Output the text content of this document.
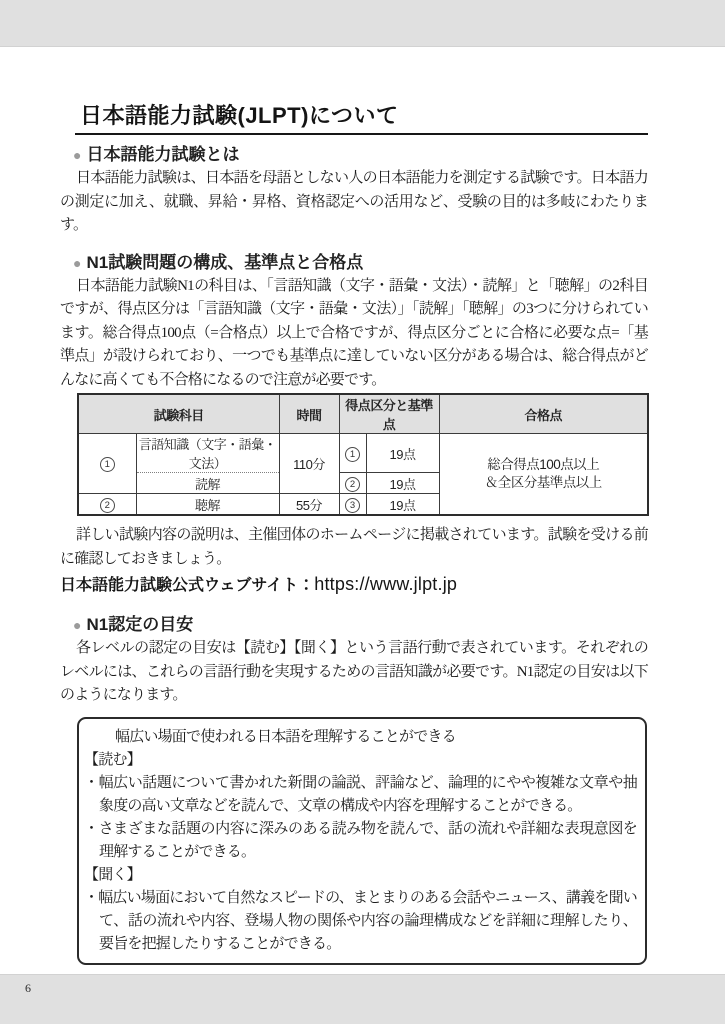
日本語能力試験(JLPT)について
● 日本語能力試験とは

日本語能力試験は、日本語を母語としない人の日本語能力を測定する試験です。日本語力の測定に加え、就職、昇給・昇格、資格認定への活用など、受験の目的は多岐にわたります。

● N1試験問題の構成、基準点と合格点

日本語能力試験N1の科目は、「言語知識（文字・語彙・文法）・読解」と「聴解」の2科目ですが、得点区分は「言語知識（文字・語彙・文法）」「読解」「聴解」の3つに分けられています。総合得点100点（=合格点）以上で合格ですが、得点区分ごとに合格に必要な点=「基準点」が設けられており、一つでも基準点に達していない区分がある場合は、総合得点がどんなに高くても不合格になるので注意が必要です。

試験科目		時間	得点区分と基準点		合格点
1	言語知識（文字・語彙・文法）	110分	1	19点	総合得点100点以上
＆全区分基準点以上

	読解		2	19点	
2	聴解	55分	3	19点	

詳しい試験内容の説明は、主催団体のホームページに掲載されています。試験を受ける前に確認しておきましょう。

日本語能力試験公式ウェブサイト：https://www.jlpt.jp
● N1認定の目安

各レベルの認定の目安は【読む】【聞く】という言語行動で表されています。それぞれのレベルには、これらの言語行動を実現するための言語知識が必要です。N1認定の目安は以下のようになります。

幅広い場面で使われる日本語を理解することができる

【読む】

・幅広い話題について書かれた新聞の論説、評論など、論理的にやや複雑な文章や抽象度の高い文章などを読んで、文章の構成や内容を理解することができる。

・さまざまな話題の内容に深みのある読み物を読んで、話の流れや詳細な表現意図を理解することができる。

【聞く】

・幅広い場面において自然なスピードの、まとまりのある会話やニュース、講義を聞いて、話の流れや内容、登場人物の関係や内容の論理構成などを詳細に理解したり、要旨を把握したりすることができる。

6
